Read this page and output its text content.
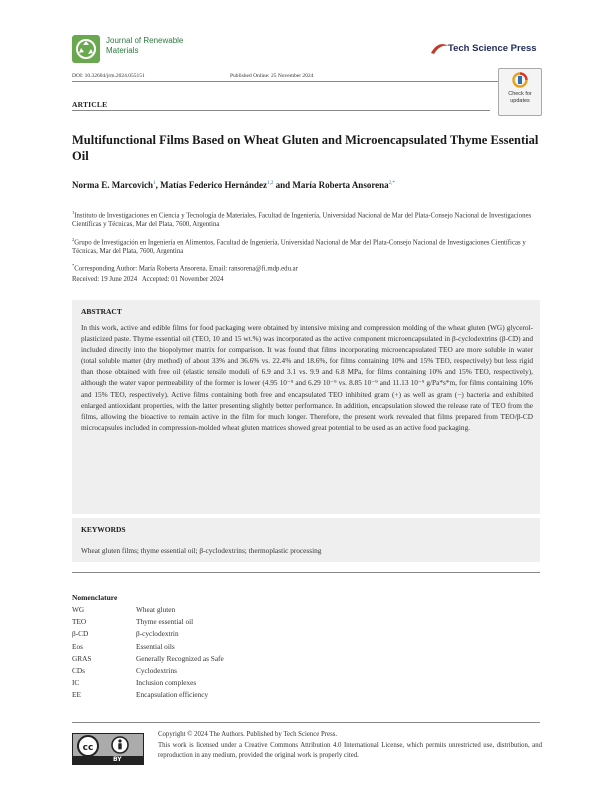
Journal of Renewable Materials	Tech Science Press
DOI: 10.32604/jrm.2024.055151	Published Online: 25 November 2024
Check for updates
ARTICLE
Multifunctional Films Based on Wheat Gluten and Microencapsulated Thyme Essential Oil
Norma E. Marcovich$^1$, Matías Federico Hernández$^{1,2}$ and María Roberta Ansorena$^{2,*}$
$^1$Instituto de Investigaciones en Ciencia y Tecnología de Materiales, Facultad de Ingeniería, Universidad Nacional de Mar del Plata-Consejo Nacional de Investigaciones Científicas y Técnicas, Mar del Plata, 7600, Argentina
$^2$Grupo de Investigación en Ingeniería en Alimentos, Facultad de Ingeniería, Universidad Nacional de Mar del Plata-Consejo Nacional de Investigaciones Científicas y Técnicas, Mar del Plata, 7600, Argentina
*Corresponding Author: María Roberta Ansorena. Email: ransorena@fi.mdp.edu.ar
Received: 19 June 2024   Accepted: 01 November 2024
ABSTRACT
In this work, active and edible films for food packaging were obtained by intensive mixing and compression molding of the wheat gluten (WG) glycerol-plasticized paste. Thyme essential oil (TEO, 10 and 15 wt.%) was incorporated as the active component microencapsulated in β-cyclodextrins (β-CD) and included directly into the biopolymer matrix for comparison. It was found that films incorporating microencapsulated TEO are more soluble in water (total soluble matter (dry method) of about 33% and 36.6% vs. 22.4% and 18.6%, for films containing 10% and 15% TEO, respectively) but less rigid than those obtained with free oil (elastic tensile moduli of 6.9 and 3.1 vs. 9.9 and 6.8 MPa, for films containing 10% and 15% TEO, respectively), although the water vapor permeability of the former is lower (4.95 10⁻⁹ and 6.29 10⁻⁹ vs. 8.85 10⁻⁹ and 11.13 10⁻⁹ g/Pa*s*m, for films containing 10% and 15% TEO, respectively). Active films containing both free and encapsulated TEO inhibited gram (+) as well as gram (−) bacteria and exhibited enlarged antioxidant properties, with the latter presenting slightly better performance. In addition, encapsulation slowed the release rate of TEO from the films, allowing the bioactive to remain active in the film for much longer. Therefore, the present work revealed that films prepared from TEO/β-CD microcapsules included in compression-molded wheat gluten matrices showed great potential to be used as an active food packaging.
KEYWORDS
Wheat gluten films; thyme essential oil; β-cyclodextrins; thermoplastic processing
Nomenclature
WG	Wheat gluten
TEO	Thyme essential oil
β-CD	β-cyclodextrin
Eos	Essential oils
GRAS	Generally Recognized as Safe
CDs	Cyclodextrins
IC	Inclusion complexes
EE	Encapsulation efficiency
cc
BY
Copyright © 2024 The Authors. Published by Tech Science Press.
This work is licensed under a Creative Commons Attribution 4.0 International License, which permits unrestricted use, distribution, and reproduction in any medium, provided the original work is properly cited.
